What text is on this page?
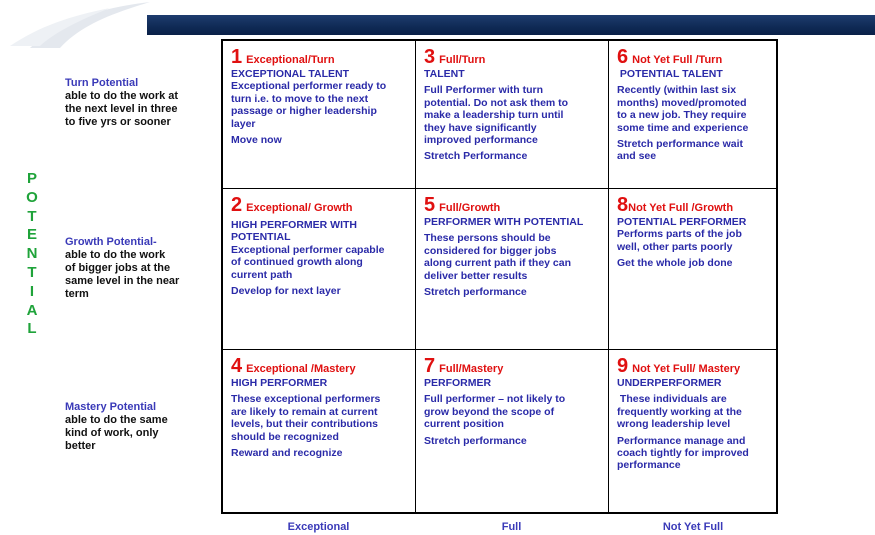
P
O
T
E
N
T
I
A
L
Turn Potential
able to do the work at
the next level in three
to five yrs or sooner
Growth Potential-
able to do the work
of bigger jobs at the
same level in the near
term
Mastery Potential
able to do the same
kind of work, only
better
1 Exceptional/Turn
EXCEPTIONAL TALENT
Exceptional performer ready to
turn i.e. to move to the next
passage or higher leadership
layer
Move now
3 Full/Turn
TALENT
Full Performer with turn
potential. Do not ask them to
make a leadership turn until
they have significantly
improved performance
Stretch Performance
6 Not Yet Full /Turn
POTENTIAL TALENT
Recently (within last six
months) moved/promoted
to a new job. They require
some time and experience
Stretch performance wait
and see
2 Exceptional/ Growth
HIGH PERFORMER WITH
POTENTIAL
Exceptional performer capable
of continued growth along
current path
Develop for next layer
5 Full/Growth
PERFORMER WITH POTENTIAL
These persons should be
considered for bigger jobs
along current path if they can
deliver better results
Stretch performance
8Not Yet Full /Growth
POTENTIAL PERFORMER
Performs parts of the job
well, other parts poorly
Get the whole job done
4 Exceptional /Mastery
HIGH PERFORMER
These exceptional performers
are likely to remain at current
levels, but their contributions
should be recognized
Reward and recognize
7 Full/Mastery
PERFORMER
Full performer – not likely to
grow beyond the scope of
current position
Stretch performance
9 Not Yet Full/ Mastery
UNDERPERFORMER
These individuals are
frequently working at the
wrong leadership level
Performance manage and
coach tightly for improved
performance
Exceptional	Full	Not Yet Full
